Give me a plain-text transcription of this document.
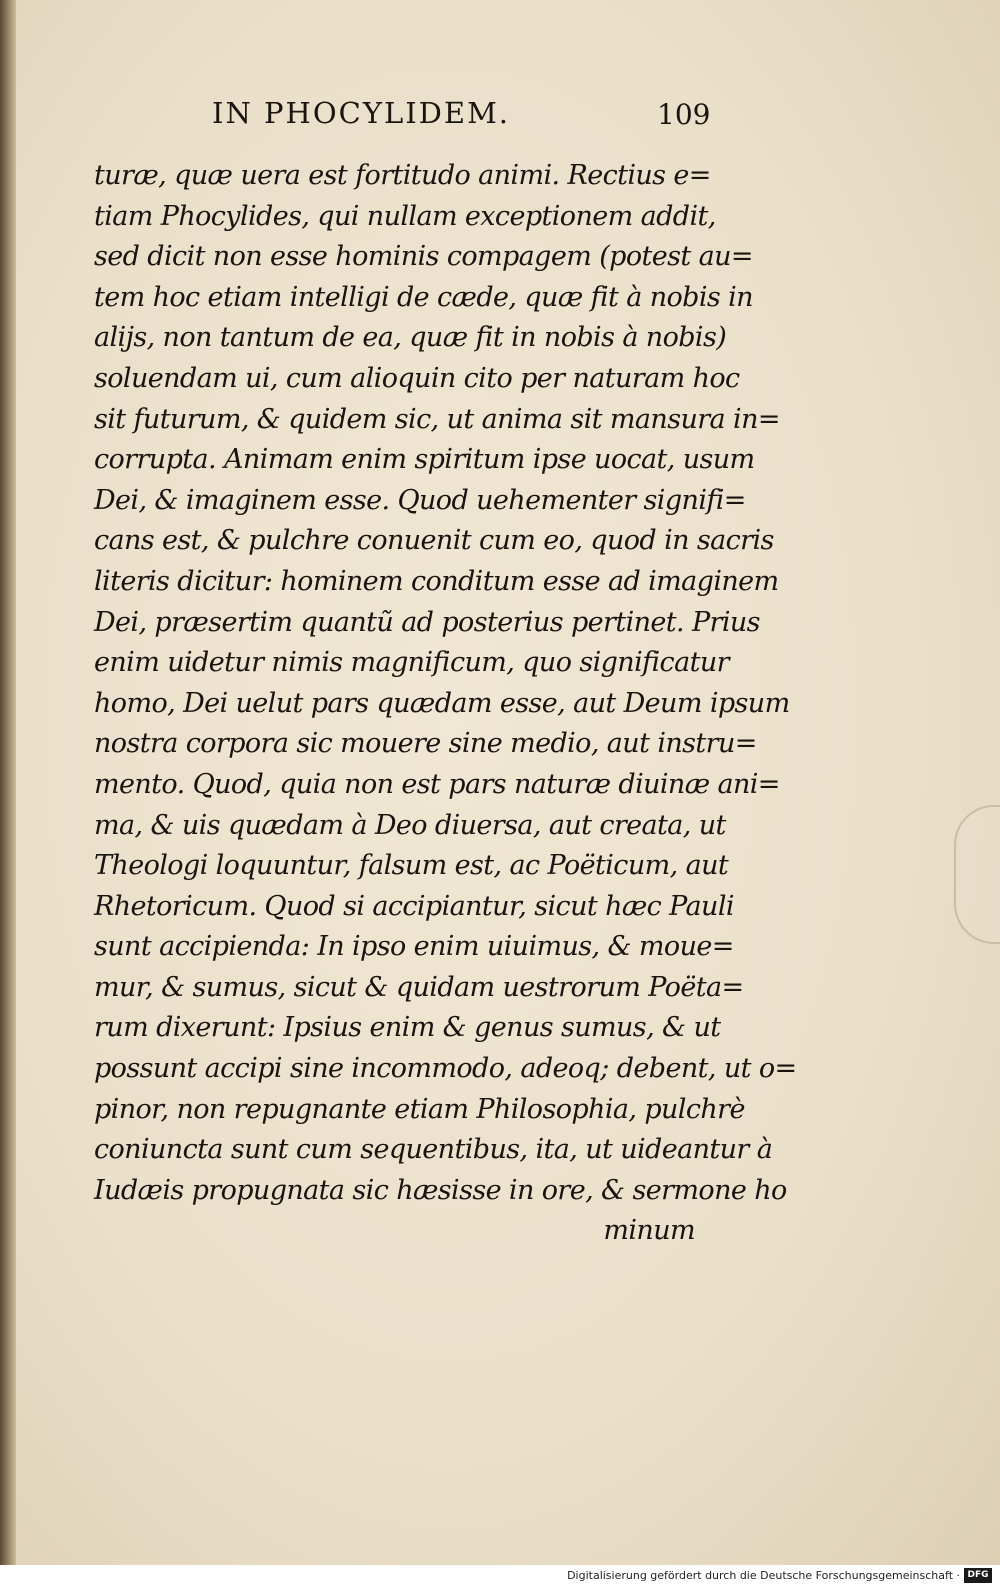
IN PHOCYLIDEM.	109
turæ, quæ uera est fortitudo animi. Rectius e=
tiam Phocylides, qui nullam exceptionem addit,
sed dicit non esse hominis compagem (potest au=
tem hoc etiam intelligi de cæde, quæ fit à nobis in
alijs, non tantum de ea, quæ fit in nobis à nobis)
soluendam ui, cum alioquin cito per naturam hoc
sit futurum, & quidem sic, ut anima sit mansura in=
corrupta. Animam enim spiritum ipse uocat, usum
Dei, & imaginem esse. Quod uehementer signifi=
cans est, & pulchre conuenit cum eo, quod in sacris
literis dicitur: hominem conditum esse ad imaginem
Dei, præsertim quantũ ad posterius pertinet. Prius
enim uidetur nimis magnificum, quo significatur
homo, Dei uelut pars quædam esse, aut Deum ipsum
nostra corpora sic mouere sine medio, aut instru=
mento. Quod, quia non est pars naturæ diuinæ ani=
ma, & uis quædam à Deo diuersa, aut creata, ut
Theologi loquuntur, falsum est, ac Poëticum, aut
Rhetoricum. Quod si accipiantur, sicut hæc Pauli
sunt accipienda: In ipso enim uiuimus, & moue=
mur, & sumus, sicut & quidam uestrorum Poëta=
rum dixerunt: Ipsius enim & genus sumus, & ut
possunt accipi sine incommodo, adeoq; debent, ut o=
pinor, non repugnante etiam Philosophia, pulchrè
coniuncta sunt cum sequentibus, ita, ut uideantur à
Iudæis propugnata sic hæsisse in ore, & sermone ho
minum
Digitalisierung gefördert durch die Deutsche Forschungsgemeinschaft · DFG
